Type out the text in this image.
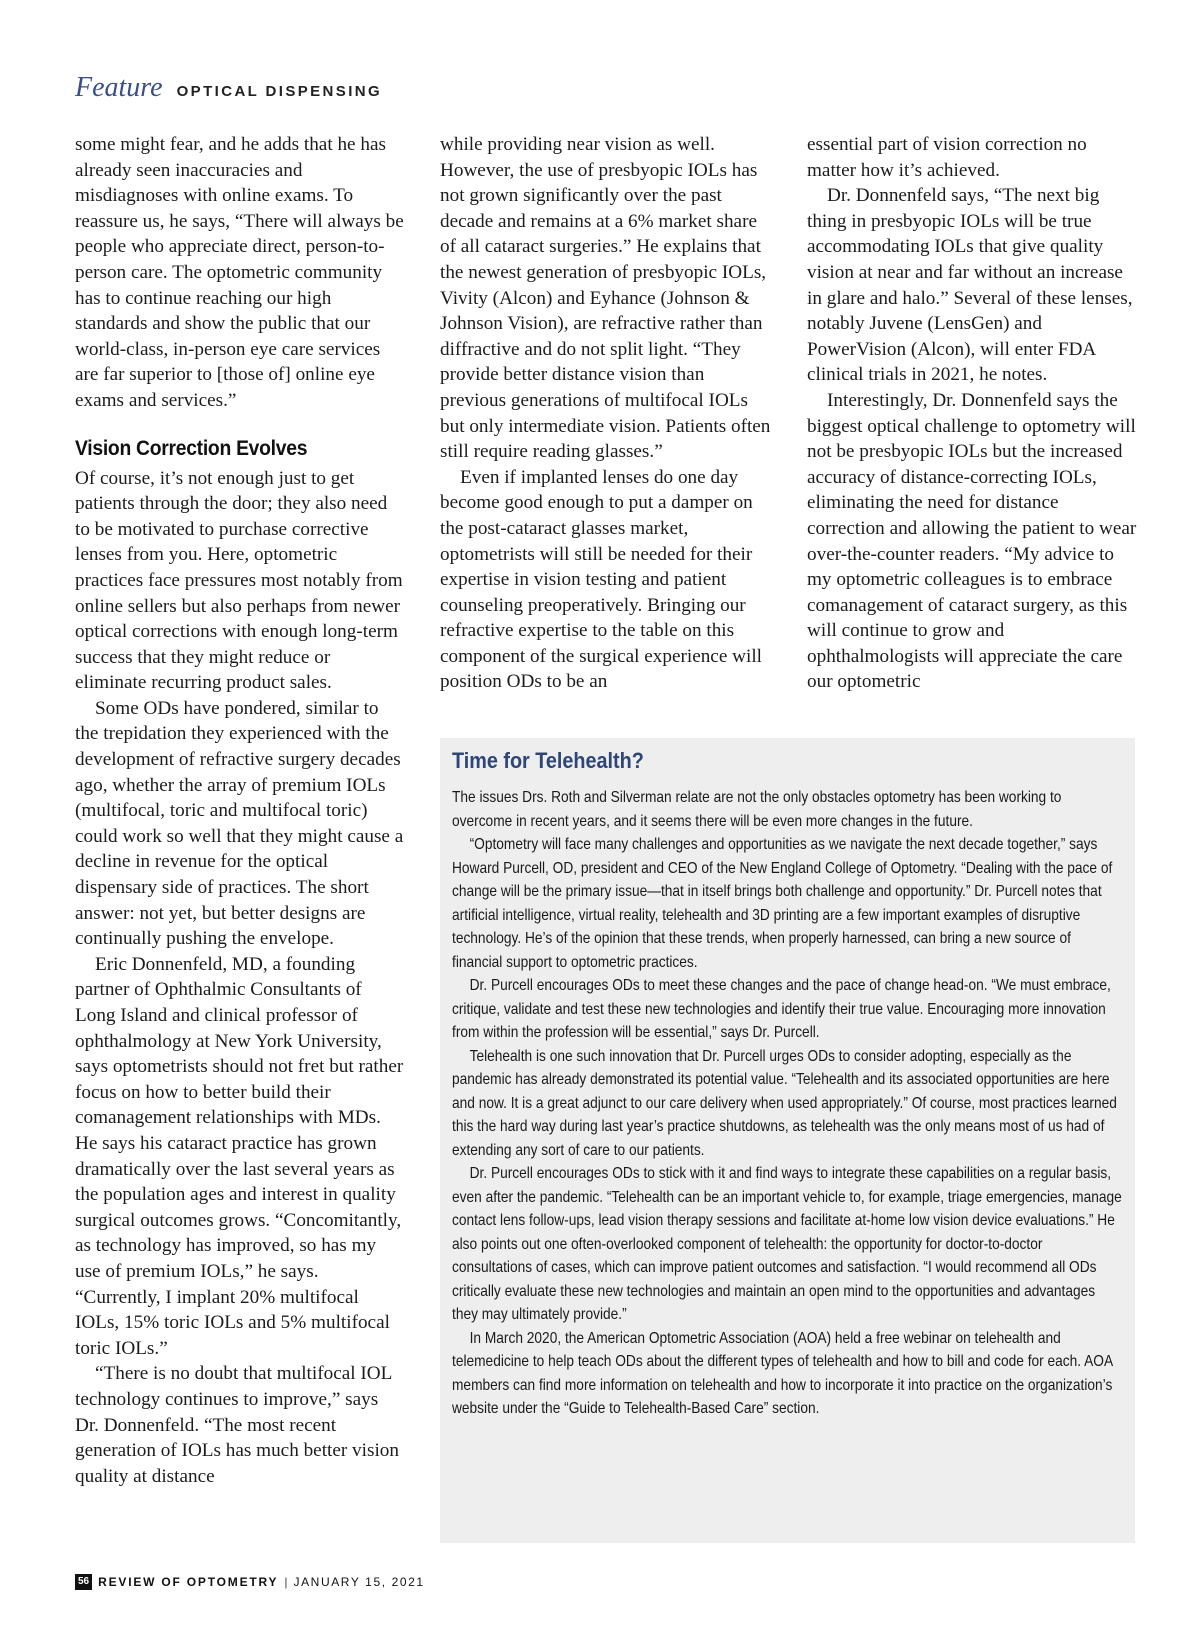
Feature OPTICAL DISPENSING

some might fear, and he adds that he has already seen inaccuracies and misdiagnoses with online exams. To reassure us, he says, “There will always be people who appreciate direct, person-to-person care. The optometric community has to continue reaching our high standards and show the public that our world-class, in-person eye care services are far superior to [those of] online eye exams and services.”

Vision Correction Evolves

Of course, it’s not enough just to get patients through the door; they also need to be motivated to purchase corrective lenses from you. Here, optometric practices face pressures most notably from online sellers but also perhaps from newer optical corrections with enough long-term success that they might reduce or eliminate recurring product sales.

Some ODs have pondered, similar to the trepidation they experienced with the development of refractive surgery decades ago, whether the array of premium IOLs (multifocal, toric and multifocal toric) could work so well that they might cause a decline in revenue for the optical dispensary side of practices. The short answer: not yet, but better designs are continually pushing the envelope.

Eric Donnenfeld, MD, a founding partner of Ophthalmic Consultants of Long Island and clinical professor of ophthalmology at New York University, says optometrists should not fret but rather focus on how to better build their comanagement relationships with MDs. He says his cataract practice has grown dramatically over the last several years as the population ages and interest in quality surgical outcomes grows. “Concomitantly, as technology has improved, so has my use of premium IOLs,” he says. “Currently, I implant 20% multifocal IOLs, 15% toric IOLs and 5% multifocal toric IOLs.”

“There is no doubt that multifocal IOL technology continues to improve,” says Dr. Donnenfeld. “The most recent generation of IOLs has much better vision quality at distance

while providing near vision as well. However, the use of presbyopic IOLs has not grown significantly over the past decade and remains at a 6% market share of all cataract surgeries.” He explains that the newest generation of presbyopic IOLs, Vivity (Alcon) and Eyhance (Johnson & Johnson Vision), are refractive rather than diffractive and do not split light. “They provide better distance vision than previous generations of multifocal IOLs but only intermediate vision. Patients often still require reading glasses.”

Even if implanted lenses do one day become good enough to put a damper on the post-cataract glasses market, optometrists will still be needed for their expertise in vision testing and patient counseling preoperatively. Bringing our refractive expertise to the table on this component of the surgical experience will position ODs to be an

essential part of vision correction no matter how it’s achieved.

Dr. Donnenfeld says, “The next big thing in presbyopic IOLs will be true accommodating IOLs that give quality vision at near and far without an increase in glare and halo.” Several of these lenses, notably Juvene (LensGen) and PowerVision (Alcon), will enter FDA clinical trials in 2021, he notes.

Interestingly, Dr. Donnenfeld says the biggest optical challenge to optometry will not be presbyopic IOLs but the increased accuracy of distance-correcting IOLs, eliminating the need for distance correction and allowing the patient to wear over-the-counter readers. “My advice to my optometric colleagues is to embrace comanagement of cataract surgery, as this will continue to grow and ophthalmologists will appreciate the care our optometric

Time for Telehealth?

The issues Drs. Roth and Silverman relate are not the only obstacles optometry has been working to overcome in recent years, and it seems there will be even more changes in the future.

“Optometry will face many challenges and opportunities as we navigate the next decade together,” says Howard Purcell, OD, president and CEO of the New England College of Optometry. “Dealing with the pace of change will be the primary issue—that in itself brings both challenge and opportunity.” Dr. Purcell notes that artificial intelligence, virtual reality, telehealth and 3D printing are a few important examples of disruptive technology. He’s of the opinion that these trends, when properly harnessed, can bring a new source of financial support to optometric practices.

Dr. Purcell encourages ODs to meet these changes and the pace of change head-on. “We must embrace, critique, validate and test these new technologies and identify their true value. Encouraging more innovation from within the profession will be essential,” says Dr. Purcell.

Telehealth is one such innovation that Dr. Purcell urges ODs to consider adopting, especially as the pandemic has already demonstrated its potential value. “Telehealth and its associated opportunities are here and now. It is a great adjunct to our care delivery when used appropriately.” Of course, most practices learned this the hard way during last year’s practice shutdowns, as telehealth was the only means most of us had of extending any sort of care to our patients.

Dr. Purcell encourages ODs to stick with it and find ways to integrate these capabilities on a regular basis, even after the pandemic. “Telehealth can be an important vehicle to, for example, triage emergencies, manage contact lens follow-ups, lead vision therapy sessions and facilitate at-home low vision device evaluations.” He also points out one often-overlooked component of telehealth: the opportunity for doctor-to-doctor consultations of cases, which can improve patient outcomes and satisfaction. “I would recommend all ODs critically evaluate these new technologies and maintain an open mind to the opportunities and advantages they may ultimately provide.”

In March 2020, the American Optometric Association (AOA) held a free webinar on telehealth and telemedicine to help teach ODs about the different types of telehealth and how to bill and code for each. AOA members can find more information on telehealth and how to incorporate it into practice on the organization’s website under the “Guide to Telehealth-Based Care” section.

56 REVIEW OF OPTOMETRY | JANUARY 15, 2021
